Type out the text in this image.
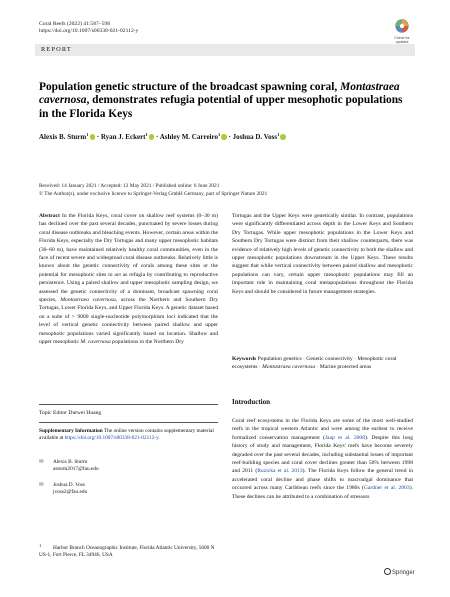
Coral Reefs (2022) 41:587–598
https://doi.org/10.1007/s00338-021-02112-y
Check for updates
REPORT
Population genetic structure of the broadcast spawning coral, Montastraea cavernosa, demonstrates refugia potential of upper mesophotic populations in the Florida Keys
Alexis B. Sturm$^1$ · Ryan J. Eckert$^1$ · Ashley M. Carreiro$^1$ · Joshua D. Voss$^1$
Received: 14 January 2021 / Accepted: 12 May 2021 / Published online: 6 June 2021
© The Author(s), under exclusive licence to Springer-Verlag GmbH Germany, part of Springer Nature 2021
Abstract In the Florida Keys, coral cover on shallow reef systems (0–30 m) has declined over the past several decades, punctuated by severe losses during coral disease outbreaks and bleaching events. However, certain areas within the Florida Keys, especially the Dry Tortugas and many upper mesophotic habitats (30–60 m), have maintained relatively healthy coral communities, even in the face of recent severe and widespread coral disease outbreaks. Relatively little is known about the genetic connectivity of corals among these sites or the potential for mesophotic sites to act as refugia by contributing to reproductive persistence. Using a paired shallow and upper mesophotic sampling design, we assessed the genetic connectivity of a dominant, broadcast spawning coral species, Montastraea cavernosa, across the Northern and Southern Dry Tortugas, Lower Florida Keys, and Upper Florida Keys. A genetic dataset based on a suite of > 9000 single-nucleotide polymorphism loci indicated that the level of vertical genetic connectivity between paired shallow and upper mesophotic populations varied significantly based on location. Shallow and upper mesophotic M. cavernosa populations in the Northern Dry
Tortugas and the Upper Keys were genetically similar. In contrast, populations were significantly differentiated across depth in the Lower Keys and Southern Dry Tortugas. While upper mesophotic populations in the Lower Keys and Southern Dry Tortugas were distinct from their shallow counterparts, there was evidence of relatively high levels of genetic connectivity to both the shallow and upper mesophotic populations downstream in the Upper Keys. These results suggest that while vertical connectivity between paired shallow and mesophotic populations can vary, certain upper mesophotic populations may fill an important role in maintaining coral metapopulations throughout the Florida Keys and should be considered in future management strategies.
Keywords Population genetics · Genetic connectivity · Mesophotic coral ecosystems · Montastraea cavernosa · Marine protected areas
Topic Editor Dutwei Huang
Supplementary Information The online version contains supplementary material available at https://doi.org/10.1007/s00338-021-02112-y.
✉ Alexis B. Sturm
asturm2017@fau.edu
✉ Joshua D. Voss
jvoss2@fau.edu
1 Harbor Branch Oceanographic Institute, Florida Atlantic University, 5600 N US-1, Fort Pierce, FL 34946, USA
Introduction
Coral reef ecosystems in the Florida Keys are some of the most well-studied reefs in the tropical western Atlantic and were among the earliest to receive formalized conservation management (Jaap et al. 2008). Despite this long history of study and management, Florida Keys' reefs have become severely degraded over the past several decades, including substantial losses of important reef-building species and coral cover declines greater than 50% between 1998 and 2011 (Ruzicka et al. 2013). The Florida Keys follow the general trend in accelerated coral decline and phase shifts to macroalgal dominance that occurred across many Caribbean reefs since the 1980s (Gardner et al. 2003). These declines can be attributed to a combination of stressors
Springer
